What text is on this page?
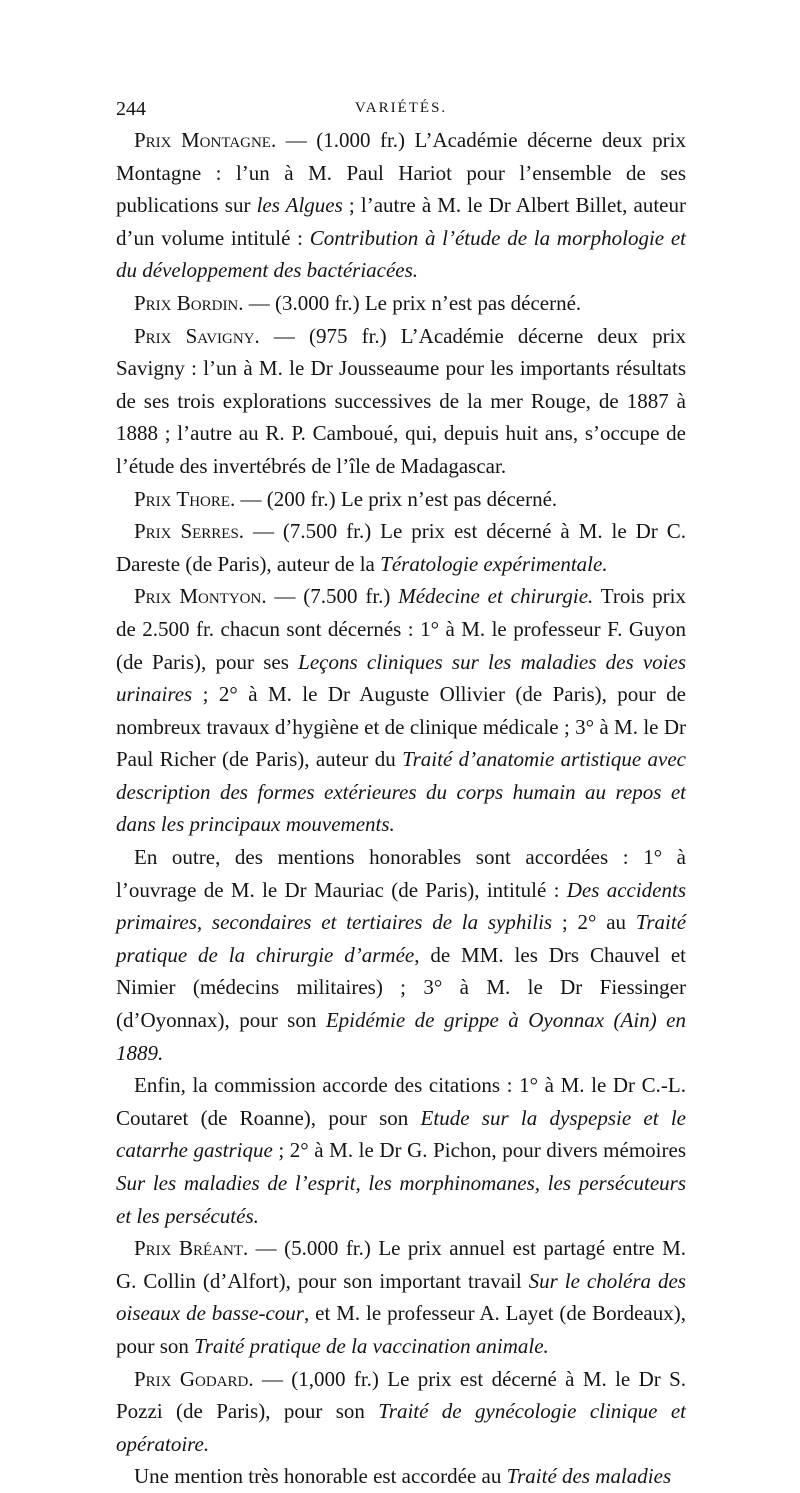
244	VARIÉTÉS.

Prix Montagne. — (1.000 fr.) L’Académie décerne deux prix Montagne : l’un à M. Paul Hariot pour l’ensemble de ses publications sur les Algues ; l’autre à M. le Dr Albert Billet, auteur d’un volume intitulé : Contribution à l’étude de la morphologie et du développement des bactériacées.

Prix Bordin. — (3.000 fr.) Le prix n’est pas décerné.

Prix Savigny. — (975 fr.) L’Académie décerne deux prix Savigny : l’un à M. le Dr Jousseaume pour les importants résultats de ses trois explorations successives de la mer Rouge, de 1887 à 1888 ; l’autre au R. P. Camboué, qui, depuis huit ans, s’occupe de l’étude des invertébrés de l’île de Madagascar.

Prix Thore. — (200 fr.) Le prix n’est pas décerné.

Prix Serres. — (7.500 fr.) Le prix est décerné à M. le Dr C. Dareste (de Paris), auteur de la Tératologie expérimentale.

Prix Montyon. — (7.500 fr.) Médecine et chirurgie. Trois prix de 2.500 fr. chacun sont décernés : 1° à M. le professeur F. Guyon (de Paris), pour ses Leçons cliniques sur les maladies des voies urinaires ; 2° à M. le Dr Auguste Ollivier (de Paris), pour de nombreux travaux d’hygiène et de clinique médicale ; 3° à M. le Dr Paul Richer (de Paris), auteur du Traité d’anatomie artistique avec description des formes extérieures du corps humain au repos et dans les principaux mouvements.

En outre, des mentions honorables sont accordées : 1° à l’ouvrage de M. le Dr Mauriac (de Paris), intitulé : Des accidents primaires, secondaires et tertiaires de la syphilis ; 2° au Traité pratique de la chirurgie d’armée, de MM. les Drs Chauvel et Nimier (médecins militaires) ; 3° à M. le Dr Fiessinger (d’Oyonnax), pour son Epidémie de grippe à Oyonnax (Ain) en 1889.

Enfin, la commission accorde des citations : 1° à M. le Dr C.-L. Coutaret (de Roanne), pour son Etude sur la dyspepsie et le catarrhe gastrique ; 2° à M. le Dr G. Pichon, pour divers mémoires Sur les maladies de l’esprit, les morphinomanes, les persécuteurs et les persécutés.

Prix Bréant. — (5.000 fr.) Le prix annuel est partagé entre M. G. Collin (d’Alfort), pour son important travail Sur le choléra des oiseaux de basse-cour, et M. le professeur A. Layet (de Bordeaux), pour son Traité pratique de la vaccination animale.

Prix Godard. — (1,000 fr.) Le prix est décerné à M. le Dr S. Pozzi (de Paris), pour son Traité de gynécologie clinique et opératoire.

Une mention très honorable est accordée au Traité des maladies
